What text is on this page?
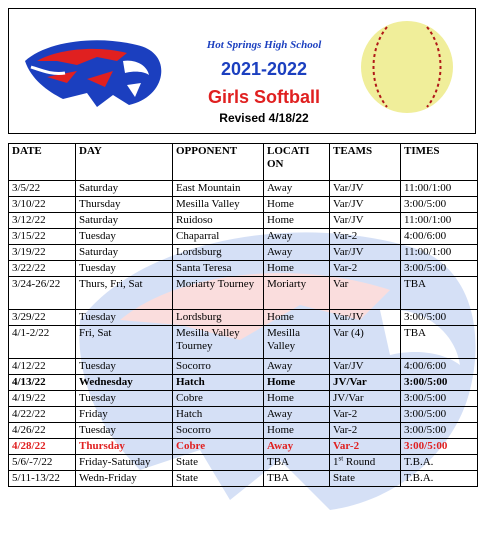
Hot Springs High School
2021-2022
Girls Softball
Revised 4/18/22
DATE	DAY	OPPONENT	LOCATI ON	TEAMS	TIMES
3/5/22	Saturday	East Mountain	Away	Var/JV	11:00/1:00
3/10/22	Thursday	Mesilla Valley	Home	Var/JV	3:00/5:00
3/12/22	Saturday	Ruidoso	Home	Var/JV	11:00/1:00
3/15/22	Tuesday	Chaparral	Away	Var-2	4:00/6:00
3/19/22	Saturday	Lordsburg	Away	Var/JV	11:00/1:00
3/22/22	Tuesday	Santa Teresa	Home	Var-2	3:00/5:00
3/24-26/22	Thurs, Fri, Sat	Moriarty Tourney	Moriarty	Var	TBA
3/29/22	Tuesday	Lordsburg	Home	Var/JV	3:00/5:00
4/1-2/22	Fri, Sat	Mesilla Valley Tourney	Mesilla Valley	Var (4)	TBA
4/12/22	Tuesday	Socorro	Away	Var/JV	4:00/6:00
4/13/22	Wednesday	Hatch	Home	JV/Var	3:00/5:00
4/19/22	Tuesday	Cobre	Home	JV/Var	3:00/5:00
4/22/22	Friday	Hatch	Away	Var-2	3:00/5:00
4/26/22	Tuesday	Socorro	Home	Var-2	3:00/5:00
4/28/22	Thursday	Cobre	Away	Var-2	3:00/5:00
5/6/-7/22	Friday-Saturday	State	TBA	1st Round	T.B.A.
5/11-13/22	Wedn-Friday	State	TBA	State	T.B.A.
